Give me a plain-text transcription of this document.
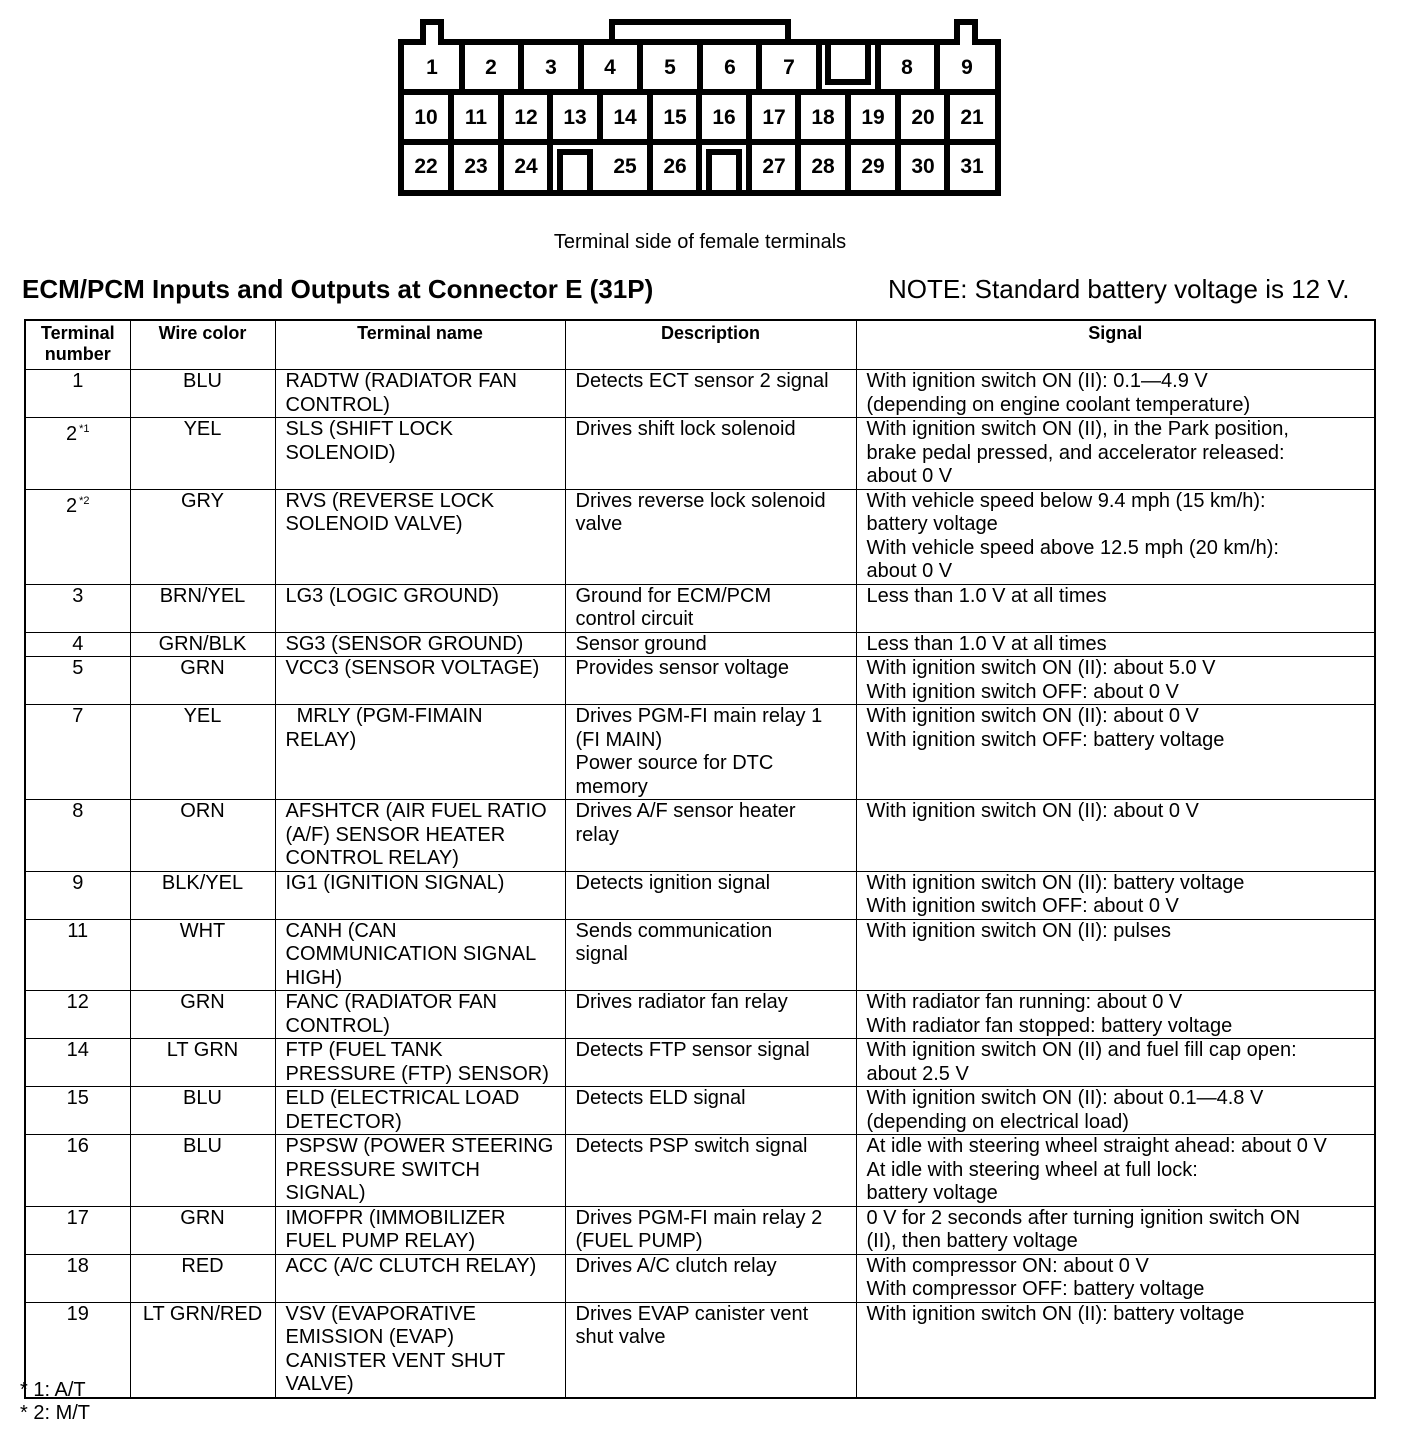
1 2 3 4 5 6 7	8 9
10 11 12 13 14 15 16 17 18 19 20 21
22 23 24	25 26	27 28 29 30 31
Terminal side of female terminals
ECM/PCM Inputs and Outputs at Connector E (31P)	NOTE: Standard battery voltage is 12 V.
Terminal
number	Wire color	Terminal name	Description	Signal
1	BLU	RADTW (RADIATOR FAN
CONTROL)	Detects ECT sensor 2 signal	With ignition switch ON (II): 0.1—4.9 V
(depending on engine coolant temperature)

2 $^{*1}$	YEL	SLS (SHIFT LOCK
SOLENOID)	Drives shift lock solenoid	With ignition switch ON (II), in the Park position,
brake pedal pressed, and accelerator released:
about 0 V

2 $^{*2}$	GRY	RVS (REVERSE LOCK
SOLENOID VALVE)	Drives reverse lock solenoid
valve	With vehicle speed below 9.4 mph (15 km/h):
battery voltage
With vehicle speed above 12.5 mph (20 km/h):
about 0 V

3	BRN/YEL	LG3 (LOGIC GROUND)	Ground for ECM/PCM
control circuit	Less than 1.0 V at all times

4	GRN/BLK	SG3 (SENSOR GROUND)	Sensor ground	Less than 1.0 V at all times

5	GRN	VCC3 (SENSOR VOLTAGE)	Provides sensor voltage	With ignition switch ON (II): about 5.0 V
With ignition switch OFF: about 0 V

7	YEL	MRLY (PGM-FIMAIN
RELAY)	Drives PGM-FI main relay 1
(FI MAIN)
Power source for DTC
memory	With ignition switch ON (II): about 0 V
With ignition switch OFF: battery voltage

8	ORN	AFSHTCR (AIR FUEL RATIO
(A/F) SENSOR HEATER
CONTROL RELAY)	Drives A/F sensor heater
relay	With ignition switch ON (II): about 0 V

9	BLK/YEL	IG1 (IGNITION SIGNAL)	Detects ignition signal	With ignition switch ON (II): battery voltage
With ignition switch OFF: about 0 V

11	WHT	CANH (CAN
COMMUNICATION SIGNAL
HIGH)	Sends communication
signal	With ignition switch ON (II): pulses

12	GRN	FANC (RADIATOR FAN
CONTROL)	Drives radiator fan relay	With radiator fan running: about 0 V
With radiator fan stopped: battery voltage

14	LT GRN	FTP (FUEL TANK
PRESSURE (FTP) SENSOR)	Detects FTP sensor signal	With ignition switch ON (II) and fuel fill cap open:
about 2.5 V

15	BLU	ELD (ELECTRICAL LOAD
DETECTOR)	Detects ELD signal	With ignition switch ON (II): about 0.1—4.8 V
(depending on electrical load)

16	BLU	PSPSW (POWER STEERING
PRESSURE SWITCH
SIGNAL)	Detects PSP switch signal	At idle with steering wheel straight ahead: about 0 V
At idle with steering wheel at full lock:
battery voltage

17	GRN	IMOFPR (IMMOBILIZER
FUEL PUMP RELAY)	Drives PGM-FI main relay 2
(FUEL PUMP)	0 V for 2 seconds after turning ignition switch ON
(II), then battery voltage

18	RED	ACC (A/C CLUTCH RELAY)	Drives A/C clutch relay	With compressor ON: about 0 V
With compressor OFF: battery voltage

19	LT GRN/RED	VSV (EVAPORATIVE
EMISSION (EVAP)
CANISTER VENT SHUT
VALVE)	Drives EVAP canister vent
shut valve	With ignition switch ON (II): battery voltage
* 1: A/T
* 2: M/T
